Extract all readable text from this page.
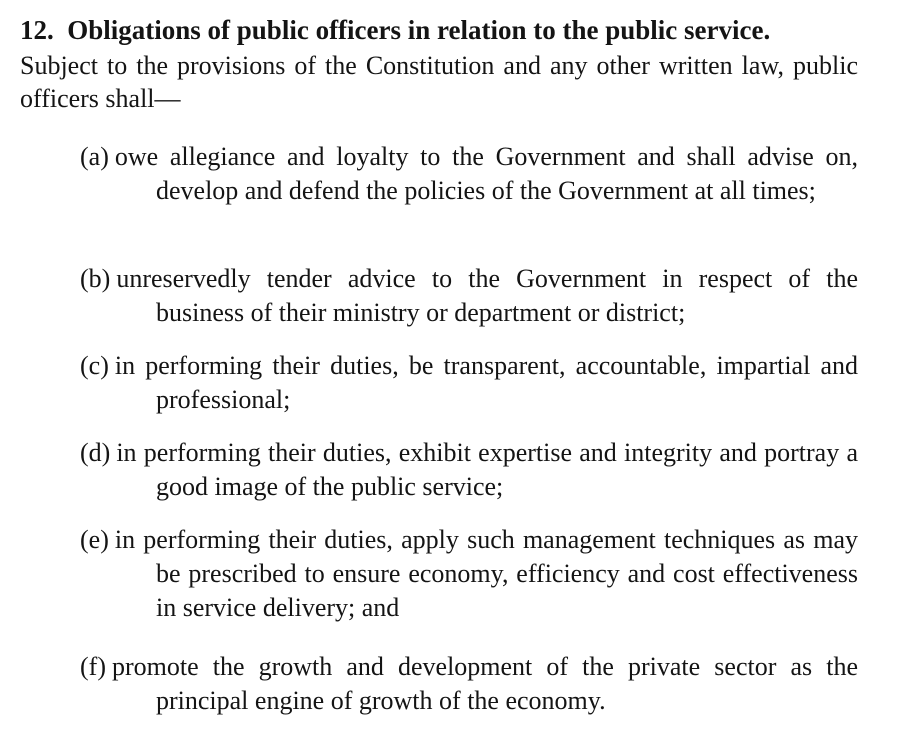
12. Obligations of public officers in relation to the public service.
Subject to the provisions of the Constitution and any other written law, public officers shall—
(a) owe allegiance and loyalty to the Government and shall advise on, develop and defend the policies of the Government at all times;
(b) unreservedly tender advice to the Government in respect of the business of their ministry or department or district;
(c) in performing their duties, be transparent, accountable, impartial and professional;
(d) in performing their duties, exhibit expertise and integrity and portray a good image of the public service;
(e) in performing their duties, apply such management techniques as may be prescribed to ensure economy, efficiency and cost effectiveness in service delivery; and
(f) promote the growth and development of the private sector as the principal engine of growth of the economy.
